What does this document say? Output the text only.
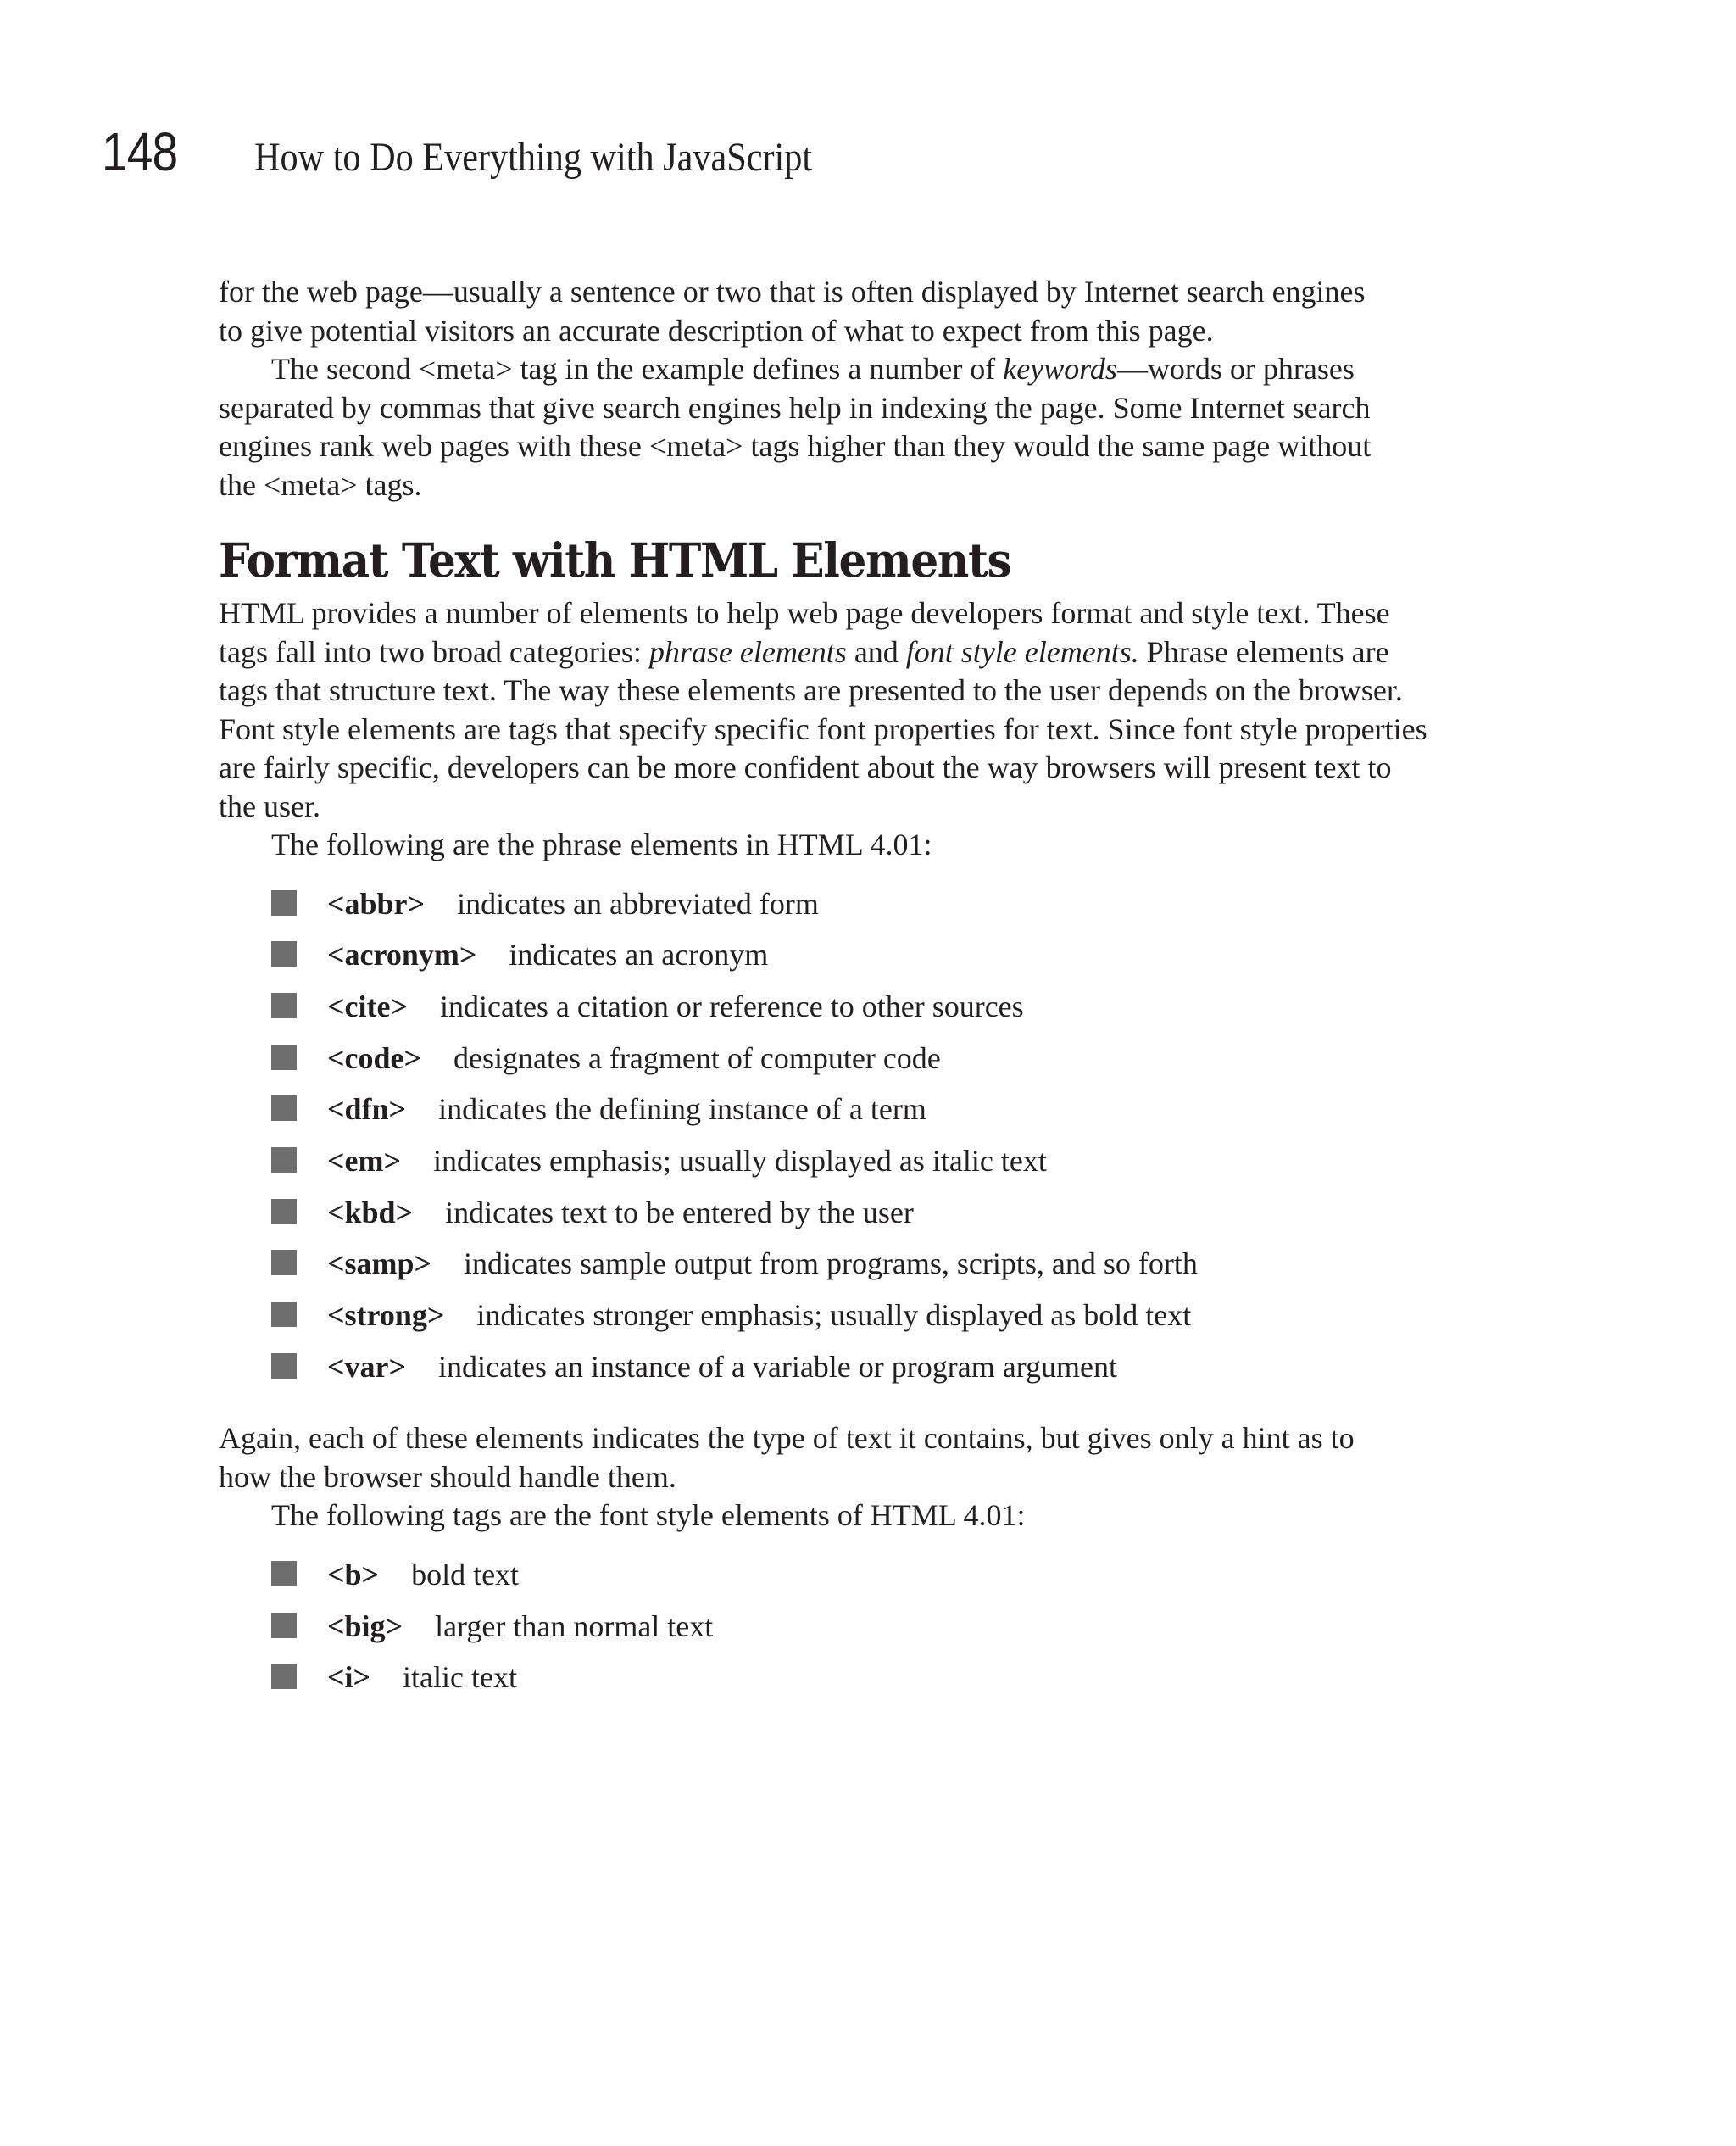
148	How to Do Everything with JavaScript

for the web page—usually a sentence or two that is often displayed by Internet search engines

to give potential visitors an accurate description of what to expect from this page.

The second <meta> tag in the example defines a number of keywords—words or phrases

separated by commas that give search engines help in indexing the page. Some Internet search

engines rank web pages with these <meta> tags higher than they would the same page without

the <meta> tags.

Format Text with HTML Elements

HTML provides a number of elements to help web page developers format and style text. These

tags fall into two broad categories: phrase elements and font style elements. Phrase elements are

tags that structure text. The way these elements are presented to the user depends on the browser.

Font style elements are tags that specify specific font properties for text. Since font style properties

are fairly specific, developers can be more confident about the way browsers will present text to

the user.

The following are the phrase elements in HTML 4.01:

<abbr> indicates an abbreviated form
<acronym> indicates an acronym
<cite> indicates a citation or reference to other sources
<code> designates a fragment of computer code
<dfn> indicates the defining instance of a term
<em> indicates emphasis; usually displayed as italic text
<kbd> indicates text to be entered by the user
<samp> indicates sample output from programs, scripts, and so forth
<strong> indicates stronger emphasis; usually displayed as bold text
<var> indicates an instance of a variable or program argument

Again, each of these elements indicates the type of text it contains, but gives only a hint as to

how the browser should handle them.

The following tags are the font style elements of HTML 4.01:

<b> bold text
<big> larger than normal text
<i> italic text
